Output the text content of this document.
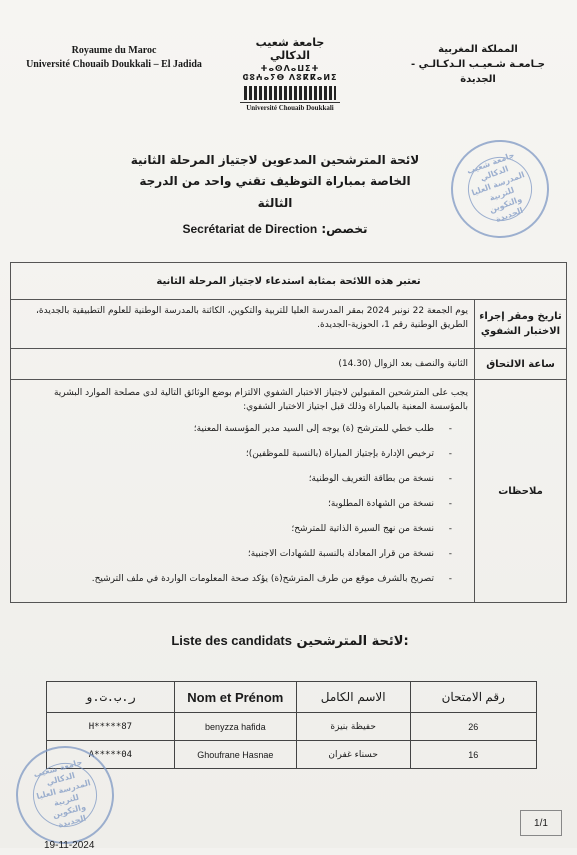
Royaume du Maroc
Université Chouaib Doukkali – El Jadida
جامعة شعيب الدكالي
ⵜⴰⵙⴷⴰⵡⵉⵜ ⵛⵓⵄⴰⵢⴱ ⴷⵓⴽⴽⴰⵍⵉ
Université Chouaib Doukkali
المملكة المغربية
جـامعـة شـعيـب الـدكـالـي - الجديدة
لائحة المترشحين المدعوين لاجتياز المرحلة الثانية
الخاصة بمباراة التوظيف تقني واحد من الدرجة الثالثة
تخصص: Secrétariat de Direction
جامعة شعيب الدكالي المدرسة العليا للتربية والتكوين الجديدة
تعتبر هذه اللائحة بمثابة استدعاء لاجتياز المرحلة الثانية
تاريخ ومقر إجراء الاختبار الشفوي
يوم الجمعة 22 نونبر 2024 بمقر المدرسة العليا للتربية والتكوين، الكائنة بالمدرسة الوطنية للعلوم التطبيقية بالجديدة، الطريق الوطنية رقم 1، الحوزية-الجديدة.
ساعة الالتحاق
الثانية والنصف بعد الزوال (14.30)
ملاحظات
يجب على المترشحين المقبولين لاجتياز الاختبار الشفوي الالتزام بوضع الوثائق التالية لدى مصلحة الموارد البشرية بالمؤسسة المعنية بالمباراة وذلك قبل اجتياز الاختبار الشفوي:
- طلب خطي للمترشح (ة) يوجه إلى السيد مدير المؤسسة المعنية؛
- ترخيص الإدارة بإجتياز المباراة (بالنسبة للموظفين)؛
- نسخة من بطاقة التعريف الوطنية؛
- نسخة من الشهادة المطلوبة؛
- نسخة من نهج السيرة الذاتية للمترشح؛
- نسخة من قرار المعادلة بالنسبة للشهادات الاجنبية؛
- تصريح بالشرف موقع من طرف المترشح(ة) يؤكد صحة المعلومات الواردة في ملف الترشيح.
Liste des candidats لائحة المترشحين:
ر.ب.ت.و	Nom et Prénom	الاسم الكامل	رقم الامتحان
H*****87	benyzza hafida	حفيظة بنيزة	26
A*****04	Ghoufrane Hasnae	حسناء غفران	16
جامعة شعيب الدكالي المدرسة العليا للتربية والتكوين الجديدة	1/1
19-11-2024
